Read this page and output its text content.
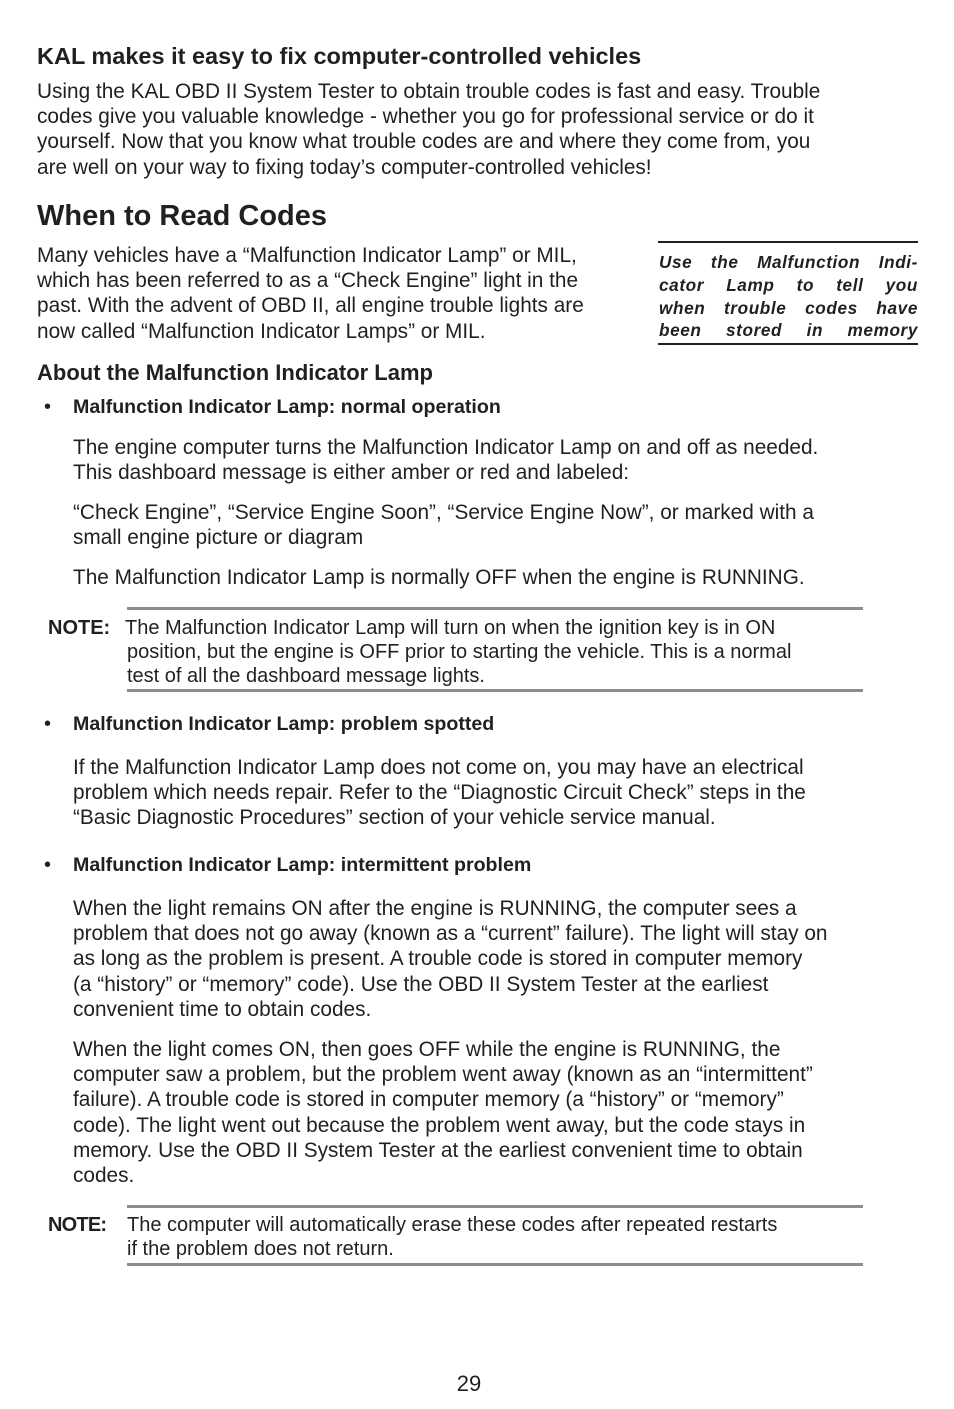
KAL makes it easy to fix computer-controlled vehicles
Using the KAL OBD II System Tester to obtain trouble codes is fast and easy. Trouble
codes give you valuable knowledge - whether you go for professional service or do it
yourself. Now that you know what trouble codes are and where they come from, you
are well on your way to fixing today’s computer-controlled vehicles!
When to Read Codes
Many vehicles have a “Malfunction Indicator Lamp” or MIL,
which has been referred to as a “Check Engine” light in the
past. With the advent of OBD II, all engine trouble lights are
now called “Malfunction Indicator Lamps” or MIL.
Use the Malfunction Indi-
cator Lamp to tell you
when trouble codes have
been stored in memory
About the Malfunction Indicator Lamp
• Malfunction Indicator Lamp: normal operation
The engine computer turns the Malfunction Indicator Lamp on and off as needed.
This dashboard message is either amber or red and labeled:
“Check Engine”, “Service Engine Soon”, “Service Engine Now”, or marked with a
small engine picture or diagram
The Malfunction Indicator Lamp is normally OFF when the engine is RUNNING.
NOTE: The Malfunction Indicator Lamp will turn on when the ignition key is in ON
position, but the engine is OFF prior to starting the vehicle. This is a normal
test of all the dashboard message lights.
• Malfunction Indicator Lamp: problem spotted
If the Malfunction Indicator Lamp does not come on, you may have an electrical
problem which needs repair. Refer to the “Diagnostic Circuit Check” steps in the
“Basic Diagnostic Procedures” section of your vehicle service manual.
• Malfunction Indicator Lamp: intermittent problem
When the light remains ON after the engine is RUNNING, the computer sees a
problem that does not go away (known as a “current” failure). The light will stay on
as long as the problem is present. A trouble code is stored in computer memory
(a “history” or “memory” code). Use the OBD II System Tester at the earliest
convenient time to obtain codes.
When the light comes ON, then goes OFF while the engine is RUNNING, the
computer saw a problem, but the problem went away (known as an “intermittent”
failure). A trouble code is stored in computer memory (a “history” or “memory”
code). The light went out because the problem went away, but the code stays in
memory. Use the OBD II System Tester at the earliest convenient time to obtain
codes.
NOTE: The computer will automatically erase these codes after repeated restarts
if the problem does not return.
29
